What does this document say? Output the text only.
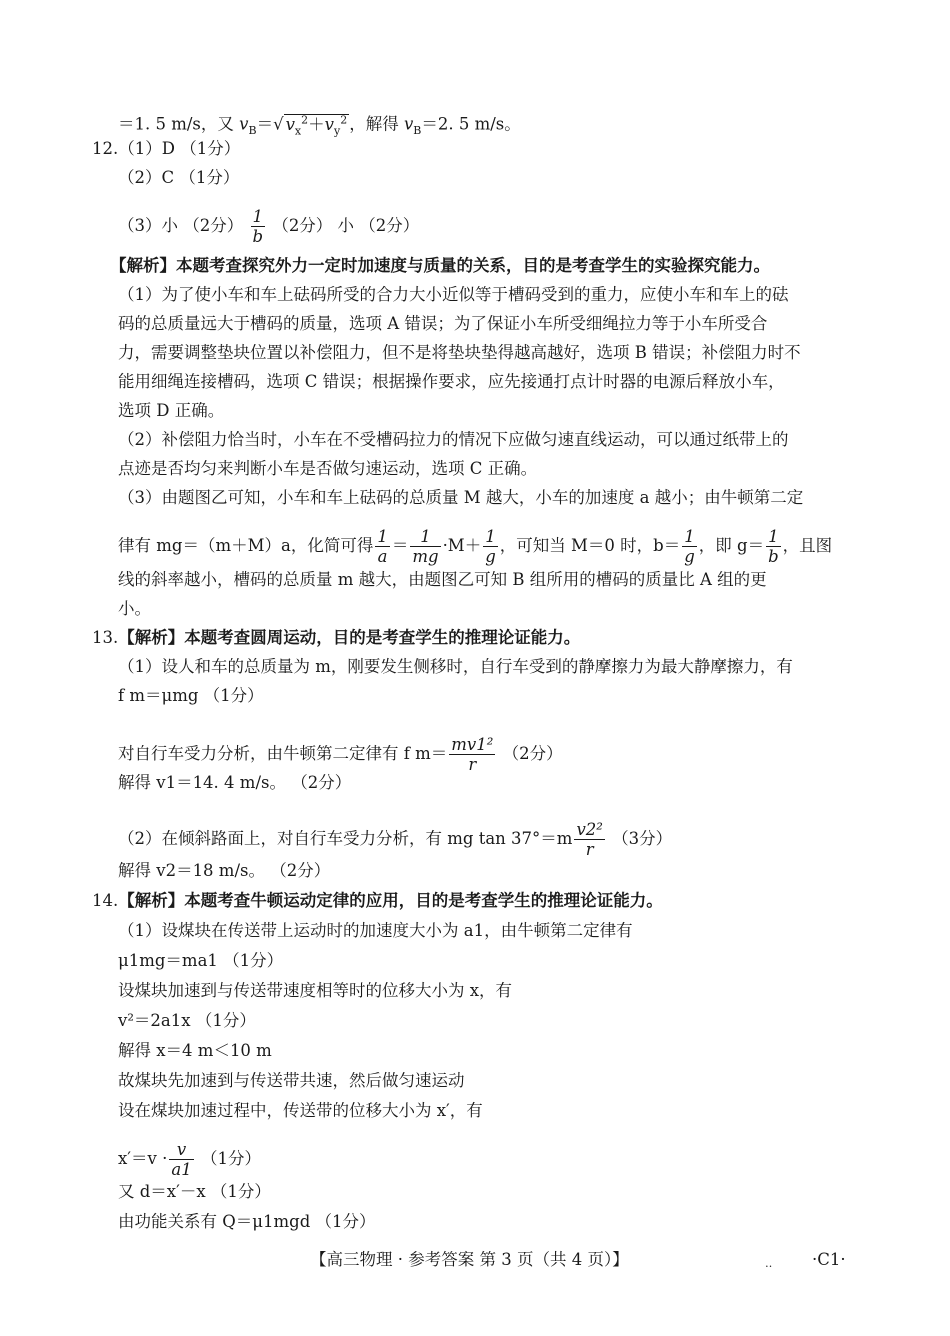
＝1. 5 m/s，又 $v_B=√$ $v_x^2+v_y^2$ ，解得 $v_B=2$. 5 m/s。
12.（1）D （1分）
（2）C （1分）
（3）小 （2分） $\frac{1}{b} (2$分） 小 （2分）
【解析】本题考查探究外力一定时加速度与质量的关系，目的是考查学生的实验探究能力。
（1）为了使小车和车上砝码所受的合力大小近似等于槽码受到的重力，应使小车和车上的砝
码的总质量远大于槽码的质量，选项 A 错误；为了保证小车所受细绳拉力等于小车所受合
力，需要调整垫块位置以补偿阻力，但不是将垫块垫得越高越好，选项 B 错误；补偿阻力时不
能用细绳连接槽码，选项 C 错误；根据操作要求，应先接通打点计时器的电源后释放小车，
选项 D 正确。
（2）补偿阻力恰当时，小车在不受槽码拉力的情况下应做匀速直线运动，可以通过纸带上的
点迹是否均匀来判断小车是否做匀速运动，选项 C 正确。
（3）由题图乙可知，小车和车上砝码的总质量 M 越大，小车的加速度 a 越小；由牛顿第二定
律有 mg＝（m＋M）a，化简可得 $\frac{1}{a} = \frac{1}{mg} \cdot M+ \frac{1}{g}$ ，可知当 M＝0 时，$b= \frac{1}{g}$ ，即 $g= \frac{1}{b}$ ，且图
线的斜率越小，槽码的总质量 m 越大，由题图乙可知 B 组所用的槽码的质量比 A 组的更
小。
13.【解析】本题考查圆周运动，目的是考查学生的推理论证能力。
（1）设人和车的总质量为 m，刚要发生侧移时，自行车受到的静摩擦力为最大静摩擦力，有
f m＝μmg （1分）
对自行车受力分析，由牛顿第二定律有 f $m= \frac{\text{mv1²}}{r} (2$分）
解得 v1＝14. 4 m/s。 （2分）
（2）在倾斜路面上，对自行车受力分析，有 mg $\tan 37^\circ=m \frac{\text{v2²}}{r} (3$分）
解得 v2＝18 m/s。 （2分）
14.【解析】本题考查牛顿运动定律的应用，目的是考查学生的推理论证能力。
（1）设煤块在传送带上运动时的加速度大小为 a1，由牛顿第二定律有
μ1mg＝ma1 （1分）
设煤块加速到与传送带速度相等时的位移大小为 x，有
v²＝2a1x （1分）
解得 x＝4 m＜10 m
故煤块先加速到与传送带共速，然后做匀速运动
设在煤块加速过程中，传送带的位移大小为 x′，有
$x'=v \cdot \frac{v}{a1} (1$分）
又 d＝x′－x （1分）
由功能关系有 Q＝μ1mgd （1分）
【高三物理 · 参考答案 第 3 页（共 4 页）】	‥ ·C1·
